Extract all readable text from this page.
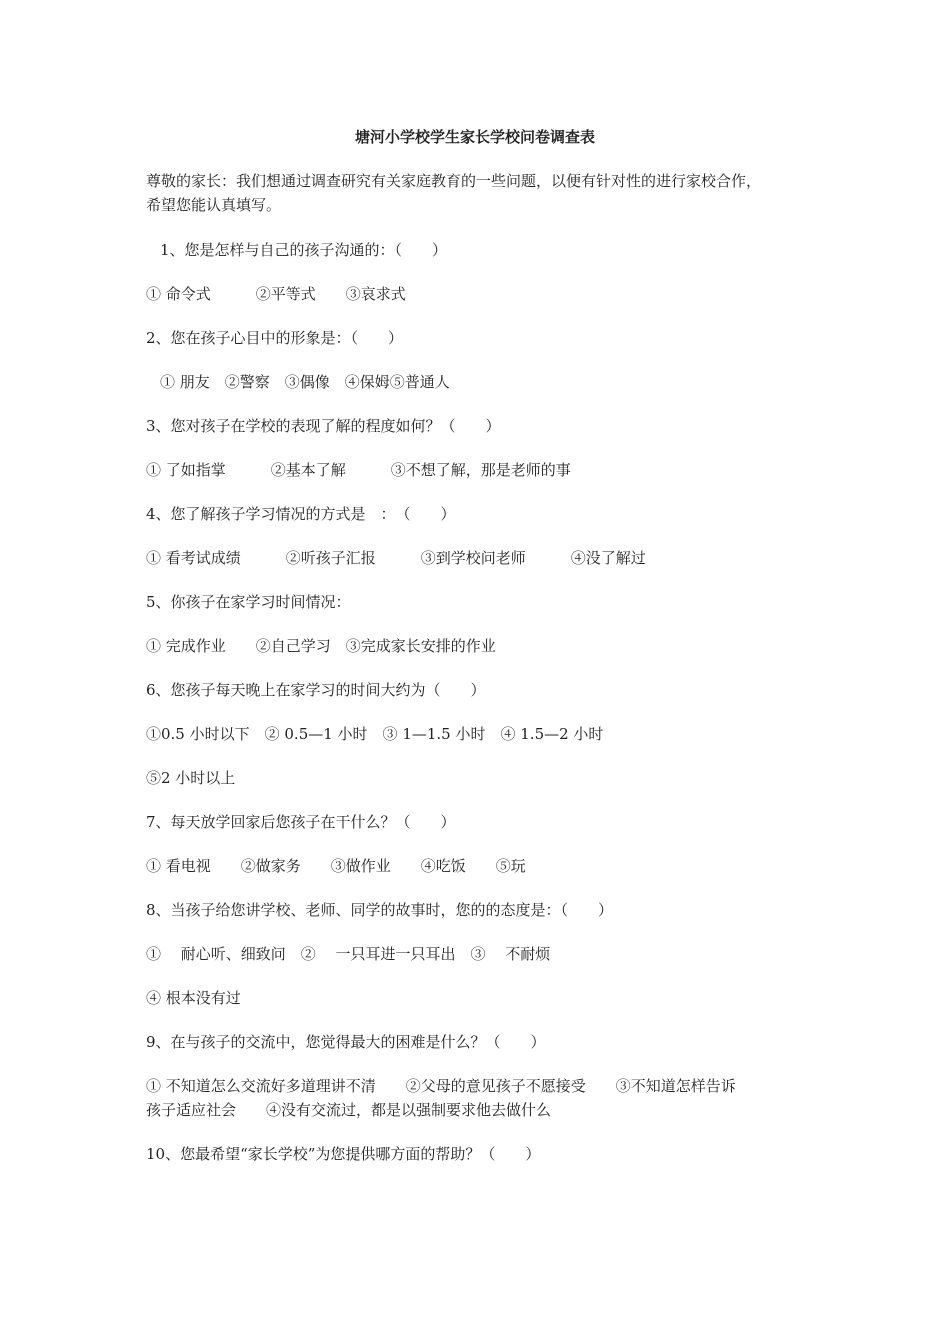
塘河小学校学生家长学校问卷调查表
尊敬的家长：我们想通过调查研究有关家庭教育的一些问题，以便有针对性的进行家校合作，
希望您能认真填写。
1、您是怎样与自己的孩子沟通的：（　　）
① 命令式　　　②平等式　　③哀求式
2、您在孩子心目中的形象是：（　　）
① 朋友　②警察　③偶像　④保姆⑤普通人
3、您对孩子在学校的表现了解的程度如何？（　　）
① 了如指掌　　　②基本了解　　　③不想了解，那是老师的事
4、您了解孩子学习情况的方式是　：　（　　）
① 看考试成绩　　　②听孩子汇报　　　③到学校问老师　　　④没了解过
5、你孩子在家学习时间情况：
① 完成作业　　②自己学习　③完成家长安排的作业
6、您孩子每天晚上在家学习的时间大约为（　　）
①0.5 小时以下　② 0.5—1 小时　③ 1—1.5 小时　④ 1.5—2 小时
⑤2 小时以上
7、每天放学回家后您孩子在干什么？（　　）
① 看电视　　②做家务　　③做作业　　④吃饭　　⑤玩
8、当孩子给您讲学校、老师、同学的故事时，您的的态度是：（　　）
①　 耐心听、细致问　②　 一只耳进一只耳出　③　 不耐烦
④ 根本没有过
9、在与孩子的交流中，您觉得最大的困难是什么？（　　）
① 不知道怎么交流好多道理讲不清　　②父母的意见孩子不愿接受　　③不知道怎样告诉
孩子适应社会　　④没有交流过，都是以强制要求他去做什么
10、您最希望“家长学校”为您提供哪方面的帮助？（　　）
